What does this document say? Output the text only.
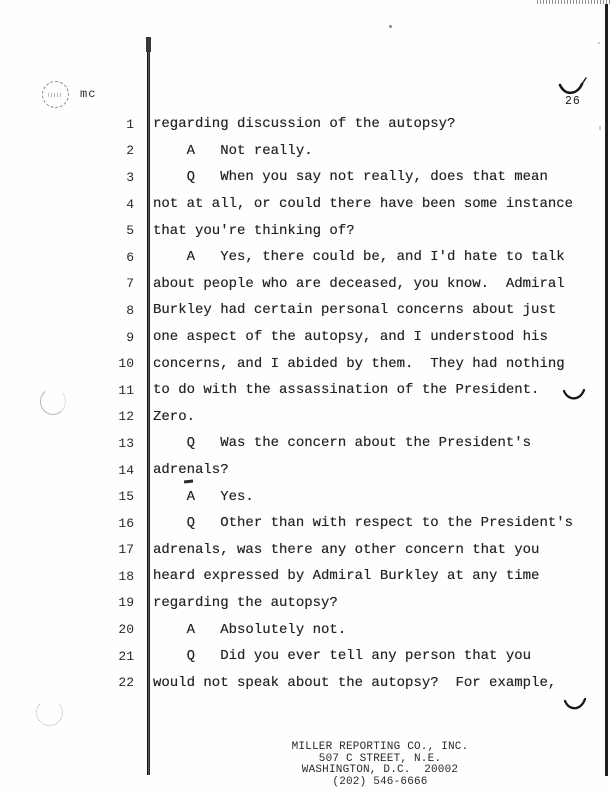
mc
26
1 regarding discussion of the autopsy?
2 A   Not really.
3 Q   When you say not really, does that mean
4 not at all, or could there have been some instance
5 that you're thinking of?
6 A   Yes, there could be, and I'd hate to talk
7 about people who are deceased, you know.  Admiral
8 Burkley had certain personal concerns about just
9 one aspect of the autopsy, and I understood his
10 concerns, and I abided by them.  They had nothing
11 to do with the assassination of the President.
12 Zero.
13 Q   Was the concern about the President's
14 adrenals?
15 A   Yes.
16 Q   Other than with respect to the President's
17 adrenals, was there any other concern that you
18 heard expressed by Admiral Burkley at any time
19 regarding the autopsy?
20 A   Absolutely not.
21 Q   Did you ever tell any person that you
22 would not speak about the autopsy?  For example,
MILLER REPORTING CO., INC.
507 C STREET, N.E.
WASHINGTON, D.C.  20002
(202) 546-6666
